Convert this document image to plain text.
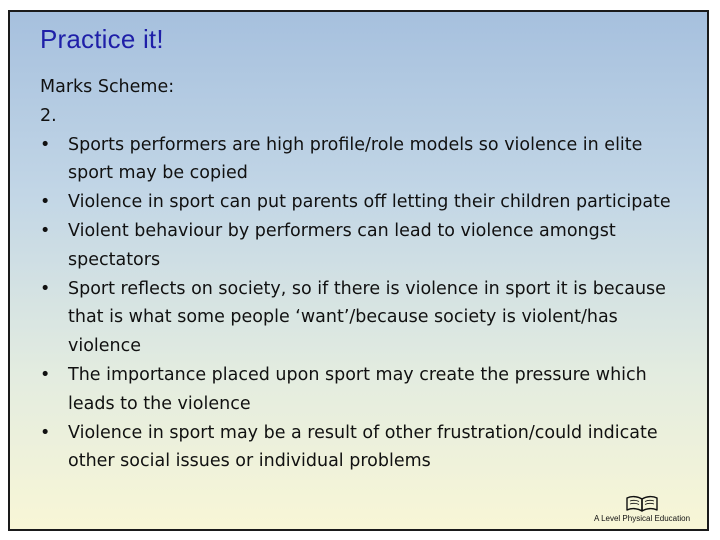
Practice it!
Marks Scheme:
2.
• Sports performers are high profile/role models so violence in elite sport may be copied
• Violence in sport can put parents off letting their children participate
• Violent behaviour by performers can lead to violence amongst spectators
• Sport reflects on society, so if there is violence in sport it is because that is what some people ‘want’/because society is violent/has violence
• The importance placed upon sport may create the pressure which leads to the violence
• Violence in sport may be a result of other frustration/could indicate other social issues or individual problems
A Level Physical Education
